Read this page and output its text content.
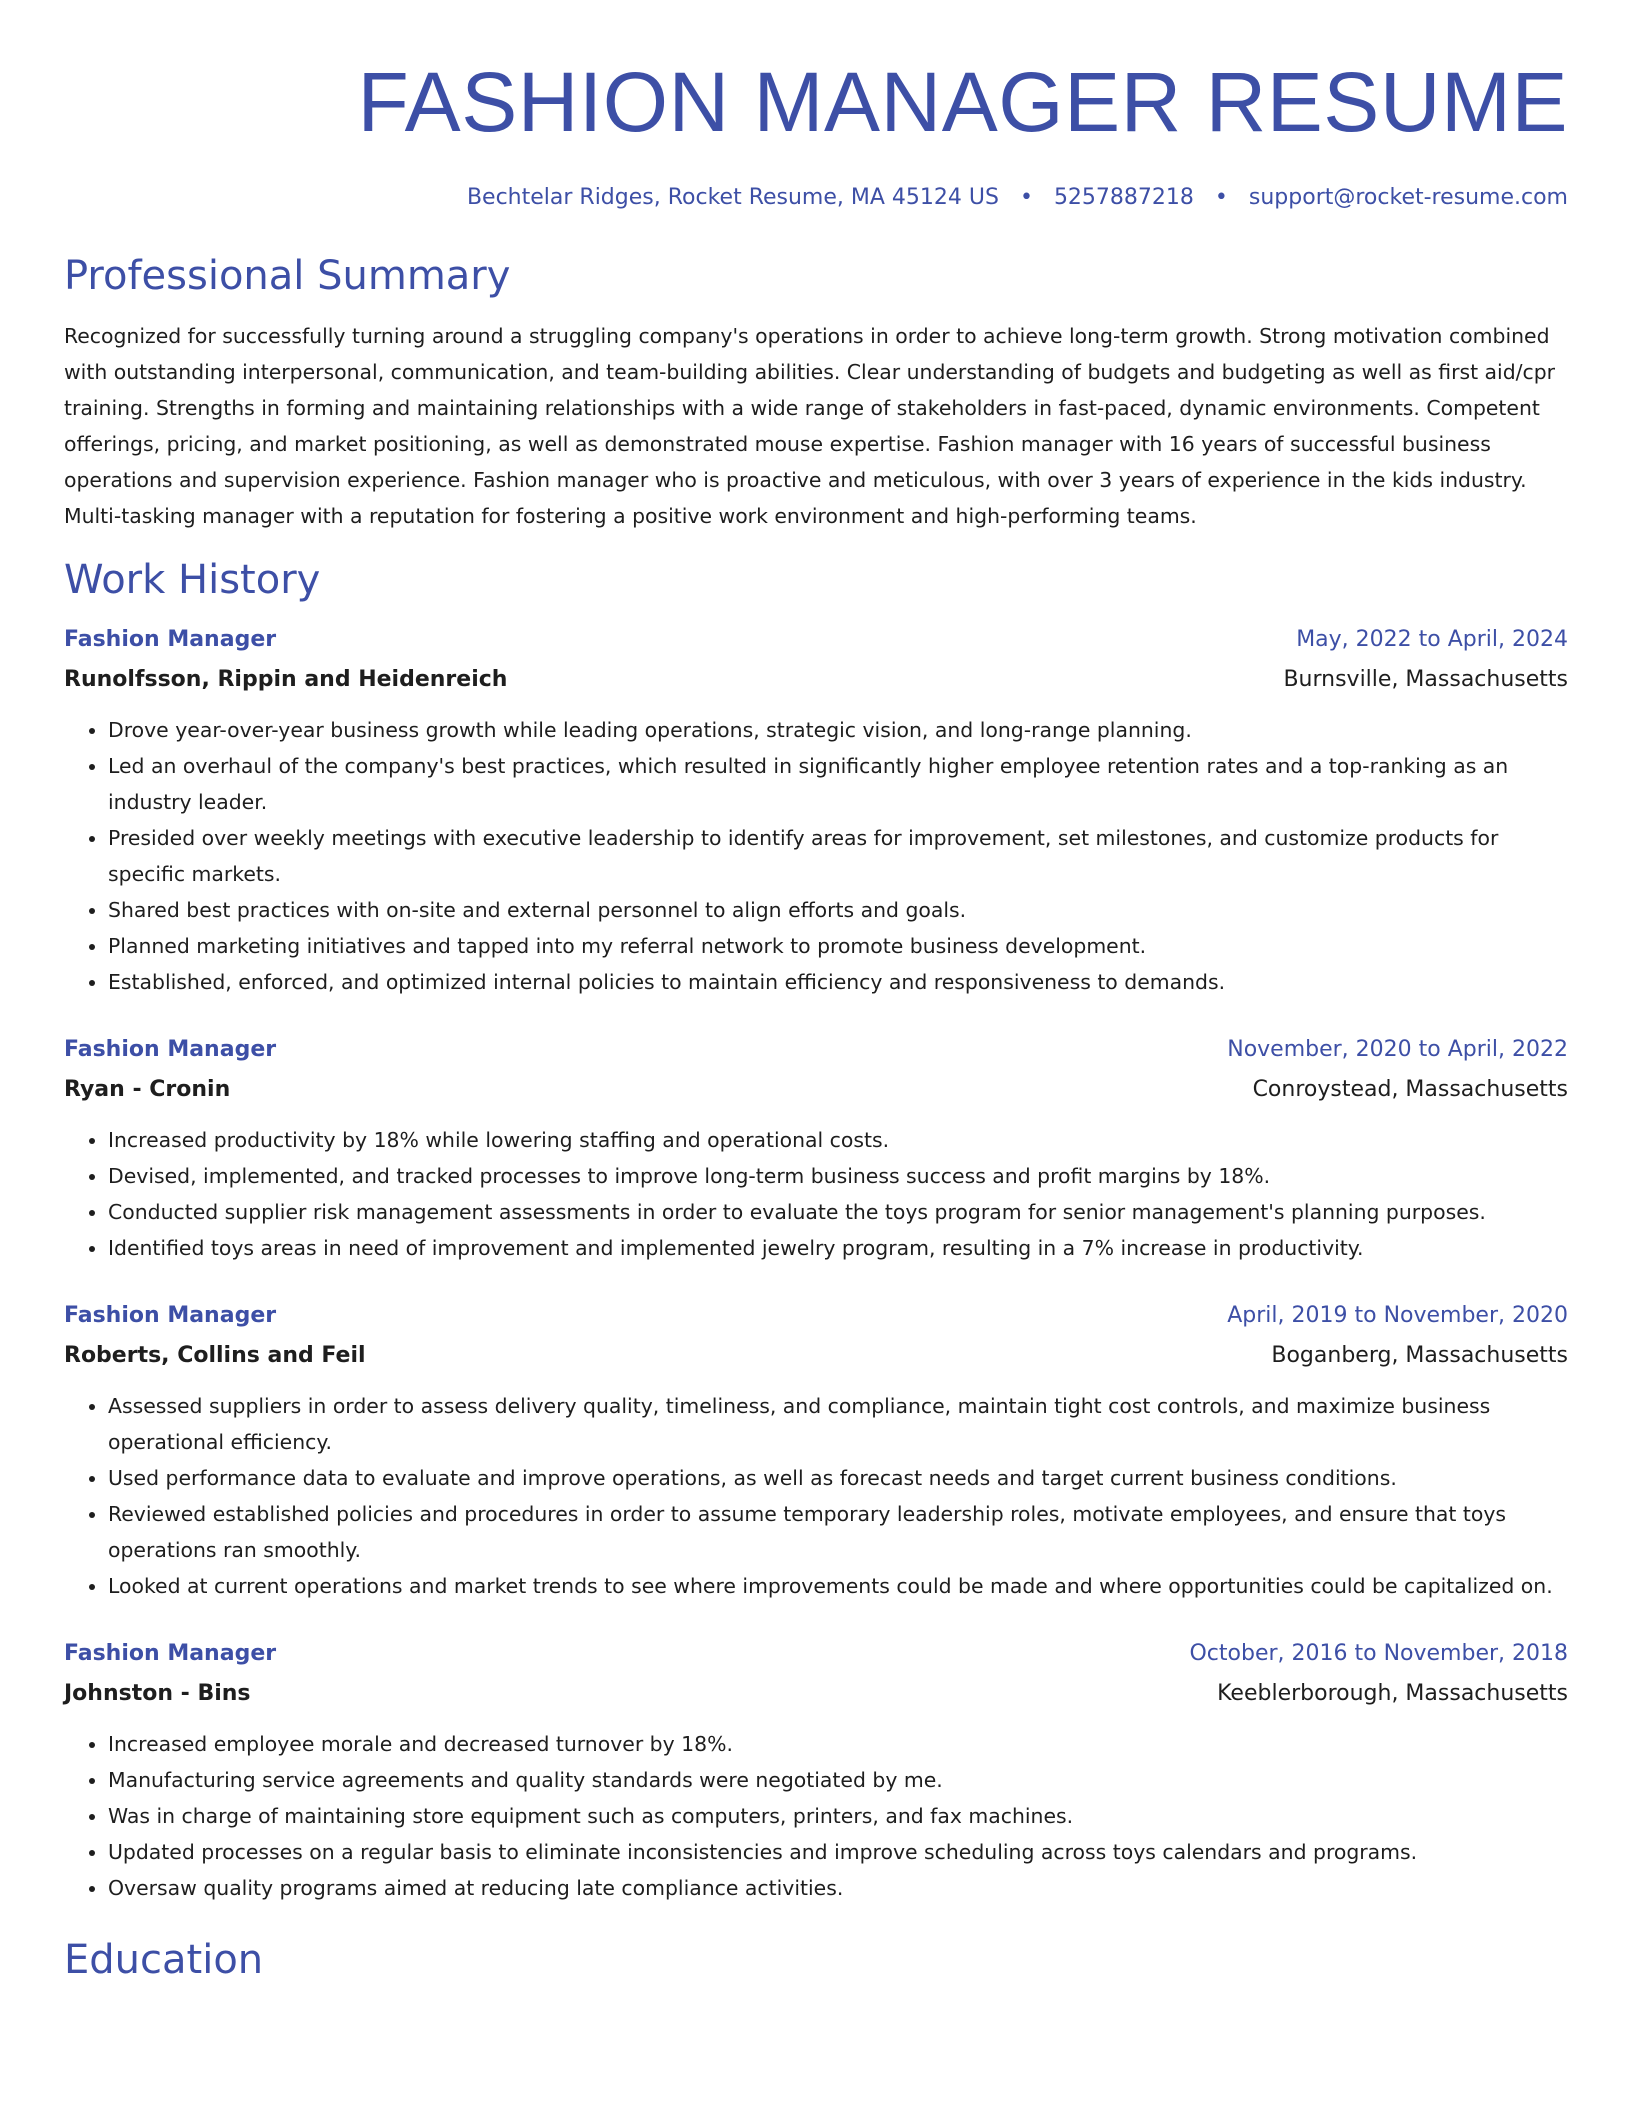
FASHION MANAGER RESUME
Bechtelar Ridges, Rocket Resume, MA 45124 US • 5257887218 • support@rocket-resume.com
Professional Summary

Recognized for successfully turning around a struggling company's operations in order to achieve long-term growth. Strong motivation combined with outstanding interpersonal, communication, and team-building abilities. Clear understanding of budgets and budgeting as well as first aid/cpr training. Strengths in forming and maintaining relationships with a wide range of stakeholders in fast-paced, dynamic environments. Competent offerings, pricing, and market positioning, as well as demonstrated mouse expertise. Fashion manager with 16 years of successful business operations and supervision experience. Fashion manager who is proactive and meticulous, with over 3 years of experience in the kids industry. Multi-tasking manager with a reputation for fostering a positive work environment and high-performing teams.

Work History
Fashion Manager	May, 2022 to April, 2024
Runolfsson, Rippin and Heidenreich	Burnsville, Massachusetts
• Drove year-over-year business growth while leading operations, strategic vision, and long-range planning.
• Led an overhaul of the company's best practices, which resulted in significantly higher employee retention rates and a top-ranking as an industry leader.
• Presided over weekly meetings with executive leadership to identify areas for improvement, set milestones, and customize products for specific markets.
• Shared best practices with on-site and external personnel to align efforts and goals.
• Planned marketing initiatives and tapped into my referral network to promote business development.
• Established, enforced, and optimized internal policies to maintain efficiency and responsiveness to demands.
Fashion Manager	November, 2020 to April, 2022
Ryan - Cronin	Conroystead, Massachusetts
• Increased productivity by 18% while lowering staffing and operational costs.
• Devised, implemented, and tracked processes to improve long-term business success and profit margins by 18%.
• Conducted supplier risk management assessments in order to evaluate the toys program for senior management's planning purposes.
• Identified toys areas in need of improvement and implemented jewelry program, resulting in a 7% increase in productivity.
Fashion Manager	April, 2019 to November, 2020
Roberts, Collins and Feil	Boganberg, Massachusetts
• Assessed suppliers in order to assess delivery quality, timeliness, and compliance, maintain tight cost controls, and maximize business operational efficiency.
• Used performance data to evaluate and improve operations, as well as forecast needs and target current business conditions.
• Reviewed established policies and procedures in order to assume temporary leadership roles, motivate employees, and ensure that toys operations ran smoothly.
• Looked at current operations and market trends to see where improvements could be made and where opportunities could be capitalized on.
Fashion Manager	October, 2016 to November, 2018
Johnston - Bins	Keeblerborough, Massachusetts
• Increased employee morale and decreased turnover by 18%.
• Manufacturing service agreements and quality standards were negotiated by me.
• Was in charge of maintaining store equipment such as computers, printers, and fax machines.
• Updated processes on a regular basis to eliminate inconsistencies and improve scheduling across toys calendars and programs.
• Oversaw quality programs aimed at reducing late compliance activities.
Education
